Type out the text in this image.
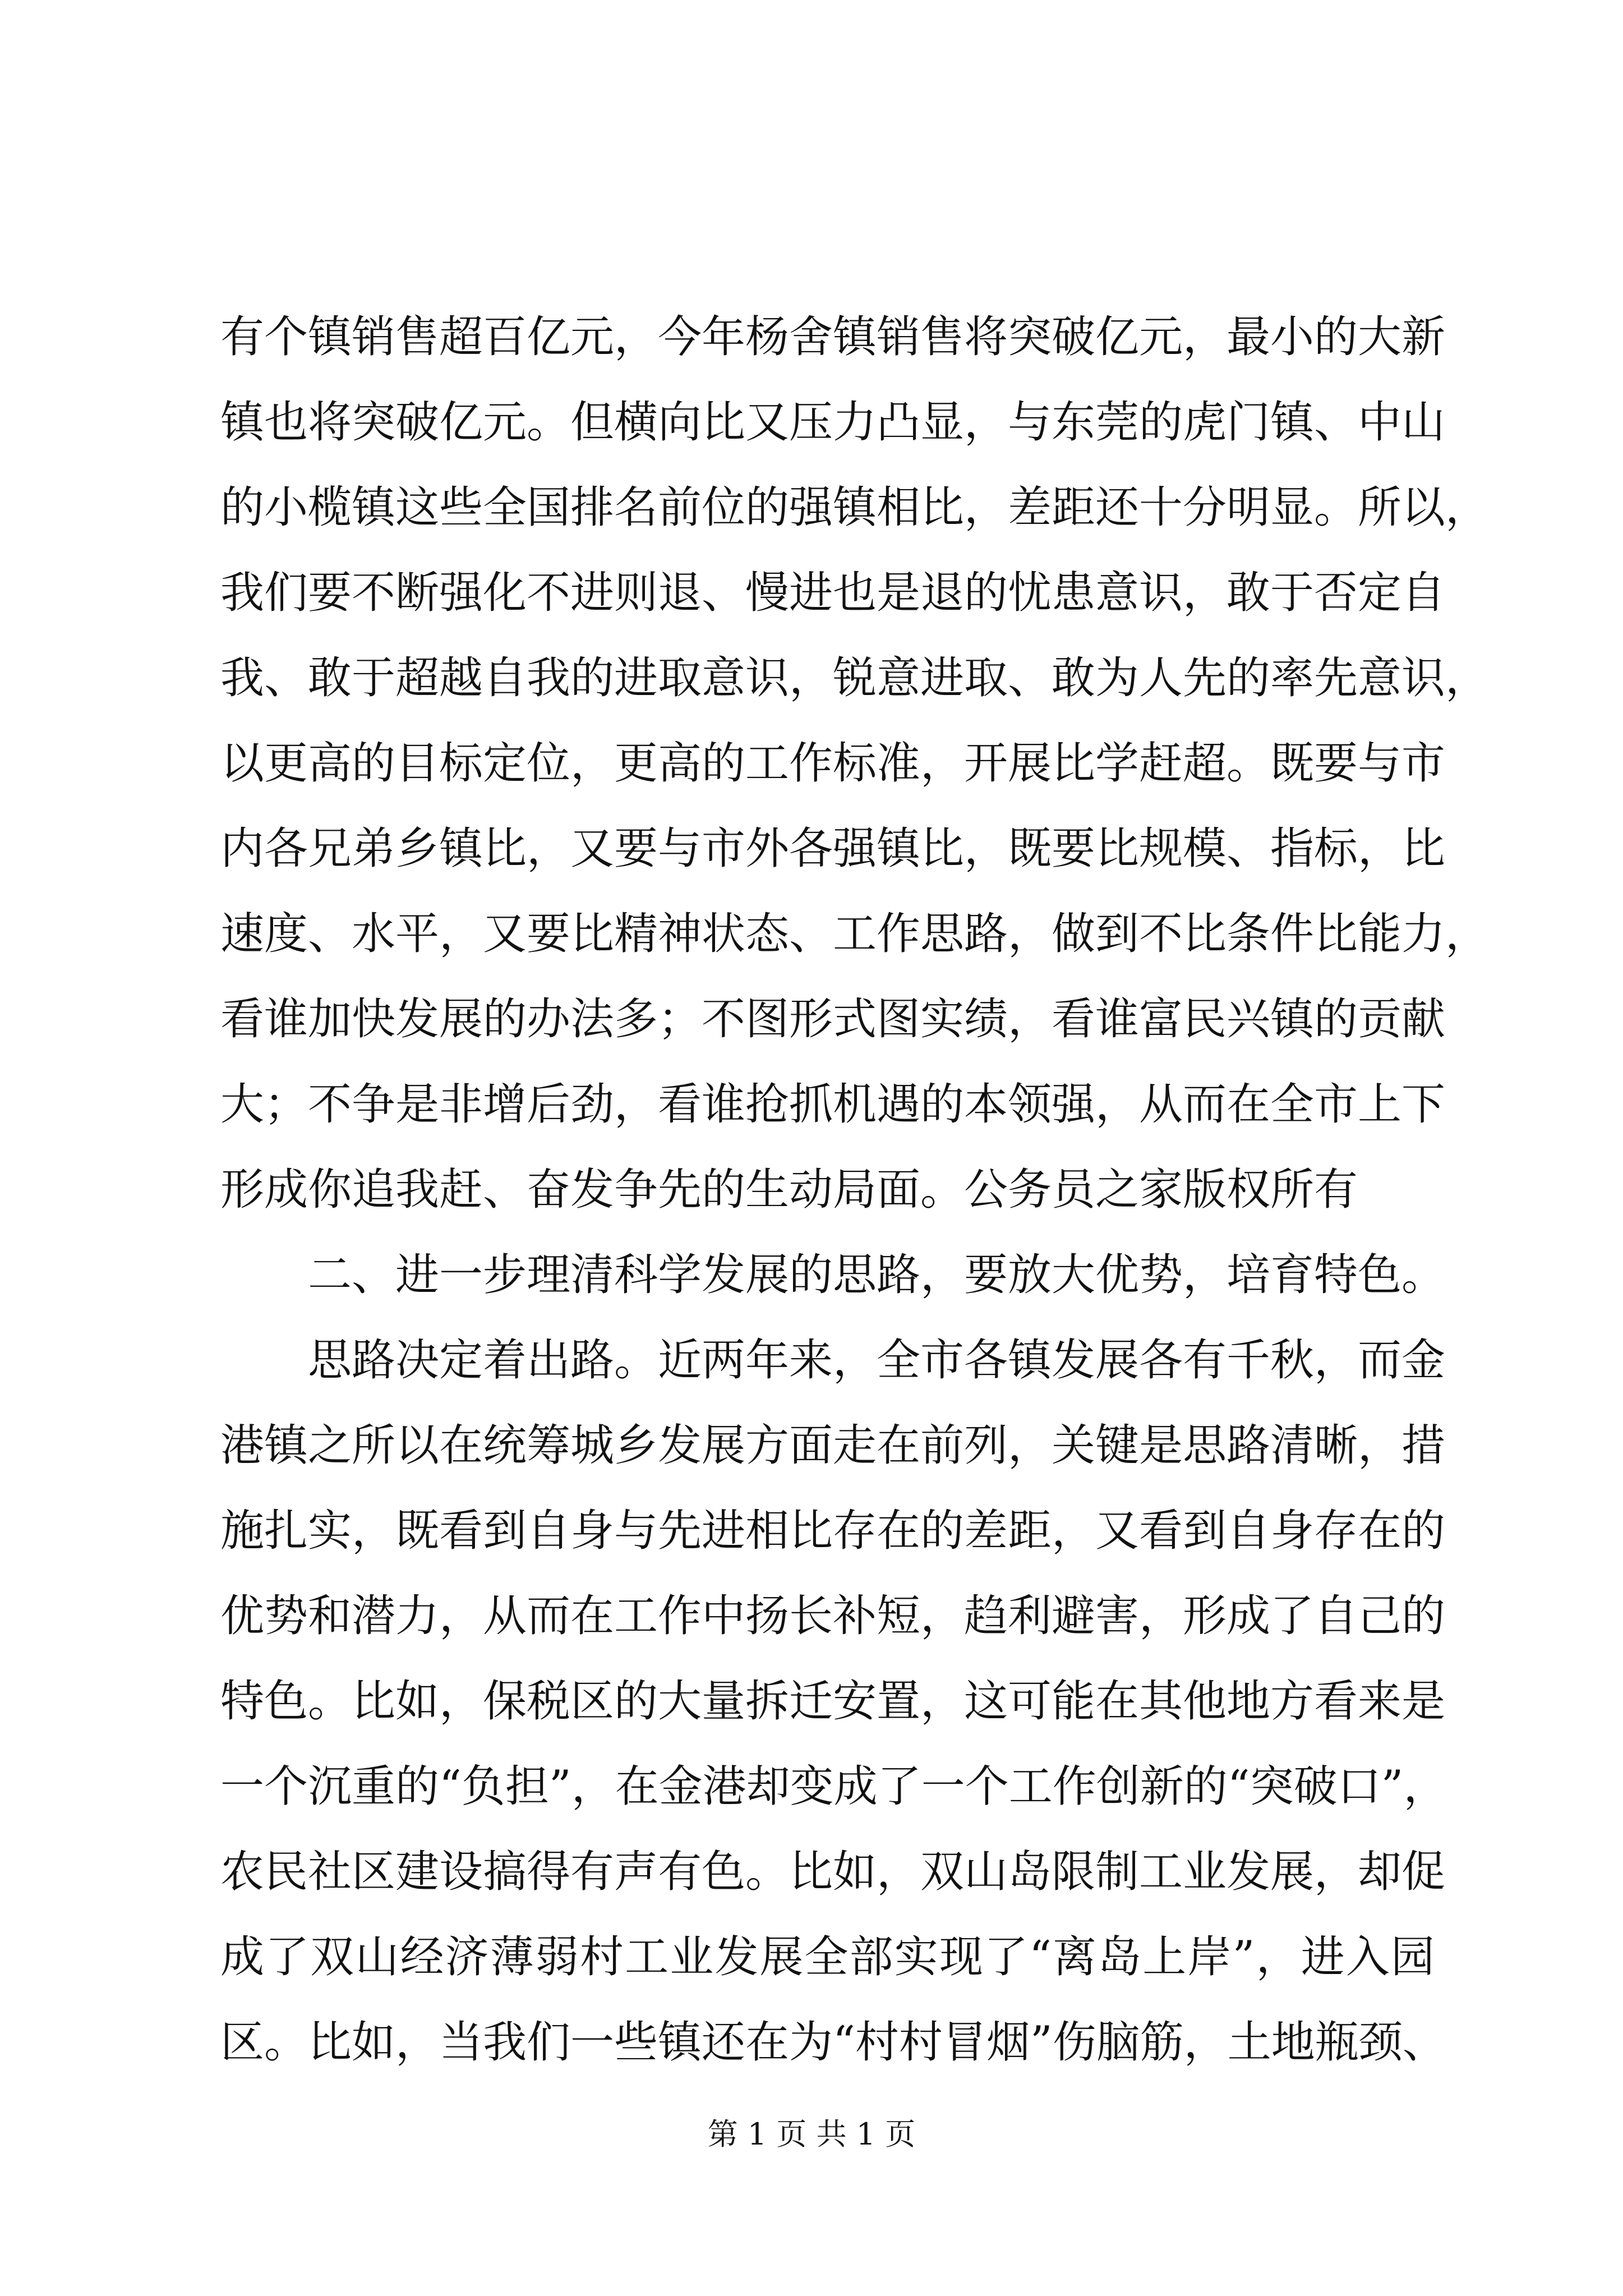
有个镇销售超百亿元，今年杨舍镇销售将突破亿元，最小的大新
镇也将突破亿元。但横向比又压力凸显，与东莞的虎门镇、中山
的小榄镇这些全国排名前位的强镇相比，差距还十分明显。所以，
我们要不断强化不进则退、慢进也是退的忧患意识，敢于否定自
我、敢于超越自我的进取意识，锐意进取、敢为人先的率先意识，
以更高的目标定位，更高的工作标准，开展比学赶超。既要与市
内各兄弟乡镇比，又要与市外各强镇比，既要比规模、指标，比
速度、水平，又要比精神状态、工作思路，做到不比条件比能力，
看谁加快发展的办法多；不图形式图实绩，看谁富民兴镇的贡献
大；不争是非增后劲，看谁抢抓机遇的本领强，从而在全市上下
形成你追我赶、奋发争先的生动局面。公务员之家版权所有
二、进一步理清科学发展的思路，要放大优势，培育特色。
思路决定着出路。近两年来，全市各镇发展各有千秋，而金
港镇之所以在统筹城乡发展方面走在前列，关键是思路清晰，措
施扎实，既看到自身与先进相比存在的差距，又看到自身存在的
优势和潜力，从而在工作中扬长补短，趋利避害，形成了自己的
特色。比如，保税区的大量拆迁安置，这可能在其他地方看来是
一个沉重的“负担”，在金港却变成了一个工作创新的“突破口”，
农民社区建设搞得有声有色。比如，双山岛限制工业发展，却促
成了双山经济薄弱村工业发展全部实现了“离岛上岸”，进入园
区。比如，当我们一些镇还在为“村村冒烟”伤脑筋，土地瓶颈、
第 1 页 共 1 页
